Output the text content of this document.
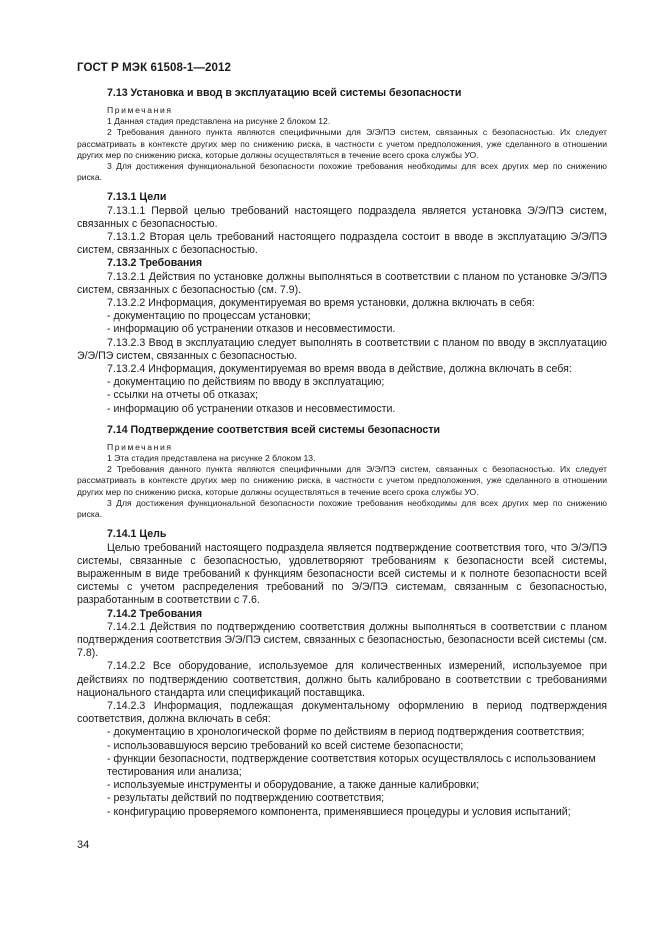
ГОСТ Р МЭК 61508-1—2012
7.13 Установка и ввод в эксплуатацию всей системы безопасности
Примечания
1 Данная стадия представлена на рисунке 2 блоком 12.
2 Требования данного пункта являются специфичными для Э/Э/ПЭ систем, связанных с безопасностью. Их следует рассматривать в контексте других мер по снижению риска, в частности с учетом предположения, уже сделанного в отношении других мер по снижению риска, которые должны осуществляться в течение всего срока службы УО.
3 Для достижения функциональной безопасности похожие требования необходимы для всех других мер по снижению риска.
7.13.1 Цели
7.13.1.1 Первой целью требований настоящего подраздела является установка Э/Э/ПЭ систем, связанных с безопасностью.
7.13.1.2 Вторая цель требований настоящего подраздела состоит в вводе в эксплуатацию Э/Э/ПЭ систем, связанных с безопасностью.
7.13.2 Требования
7.13.2.1 Действия по установке должны выполняться в соответствии с планом по установке Э/Э/ПЭ систем, связанных с безопасностью (см. 7.9).
7.13.2.2 Информация, документируемая во время установки, должна включать в себя:
- документацию по процессам установки;
- информацию об устранении отказов и несовместимости.
7.13.2.3 Ввод в эксплуатацию следует выполнять в соответствии с планом по вводу в эксплуатацию Э/Э/ПЭ систем, связанных с безопасностью.
7.13.2.4 Информация, документируемая во время ввода в действие, должна включать в себя:
- документацию по действиям по вводу в эксплуатацию;
- ссылки на отчеты об отказах;
- информацию об устранении отказов и несовместимости.
7.14 Подтверждение соответствия всей системы безопасности
Примечания
1 Эта стадия представлена на рисунке 2 блоком 13.
2 Требования данного пункта являются специфичными для Э/Э/ПЭ систем, связанных с безопасностью. Их следует рассматривать в контексте других мер по снижению риска, в частности с учетом предположения, уже сделанного в отношении других мер по снижению риска, которые должны осуществляться в течение всего срока службы УО.
3 Для достижения функциональной безопасности похожие требования необходимы для всех других мер по снижению риска.
7.14.1 Цель
Целью требований настоящего подраздела является подтверждение соответствия того, что Э/Э/ПЭ системы, связанные с безопасностью, удовлетворяют требованиям к безопасности всей системы, выраженным в виде требований к функциям безопасности всей системы и к полноте безопасности всей системы с учетом распределения требований по Э/Э/ПЭ системам, связанным с безопасностью, разработанным в соответствии с 7.6.
7.14.2 Требования
7.14.2.1 Действия по подтверждению соответствия должны выполняться в соответствии с планом подтверждения соответствия Э/Э/ПЭ систем, связанных с безопасностью, безопасности всей системы (см. 7.8).
7.14.2.2 Все оборудование, используемое для количественных измерений, используемое при действиях по подтверждению соответствия, должно быть калибровано в соответствии с требованиями национального стандарта или спецификаций поставщика.
7.14.2.3 Информация, подлежащая документальному оформлению в период подтверждения соответствия, должна включать в себя:
- документацию в хронологической форме по действиям в период подтверждения соответствия;
- использовавшуюся версию требований ко всей системе безопасности;
- функции безопасности, подтверждение соответствия которых осуществлялось с использованием тестирования или анализа;
- используемые инструменты и оборудование, а также данные калибровки;
- результаты действий по подтверждению соответствия;
- конфигурацию проверяемого компонента, применявшиеся процедуры и условия испытаний;
34
